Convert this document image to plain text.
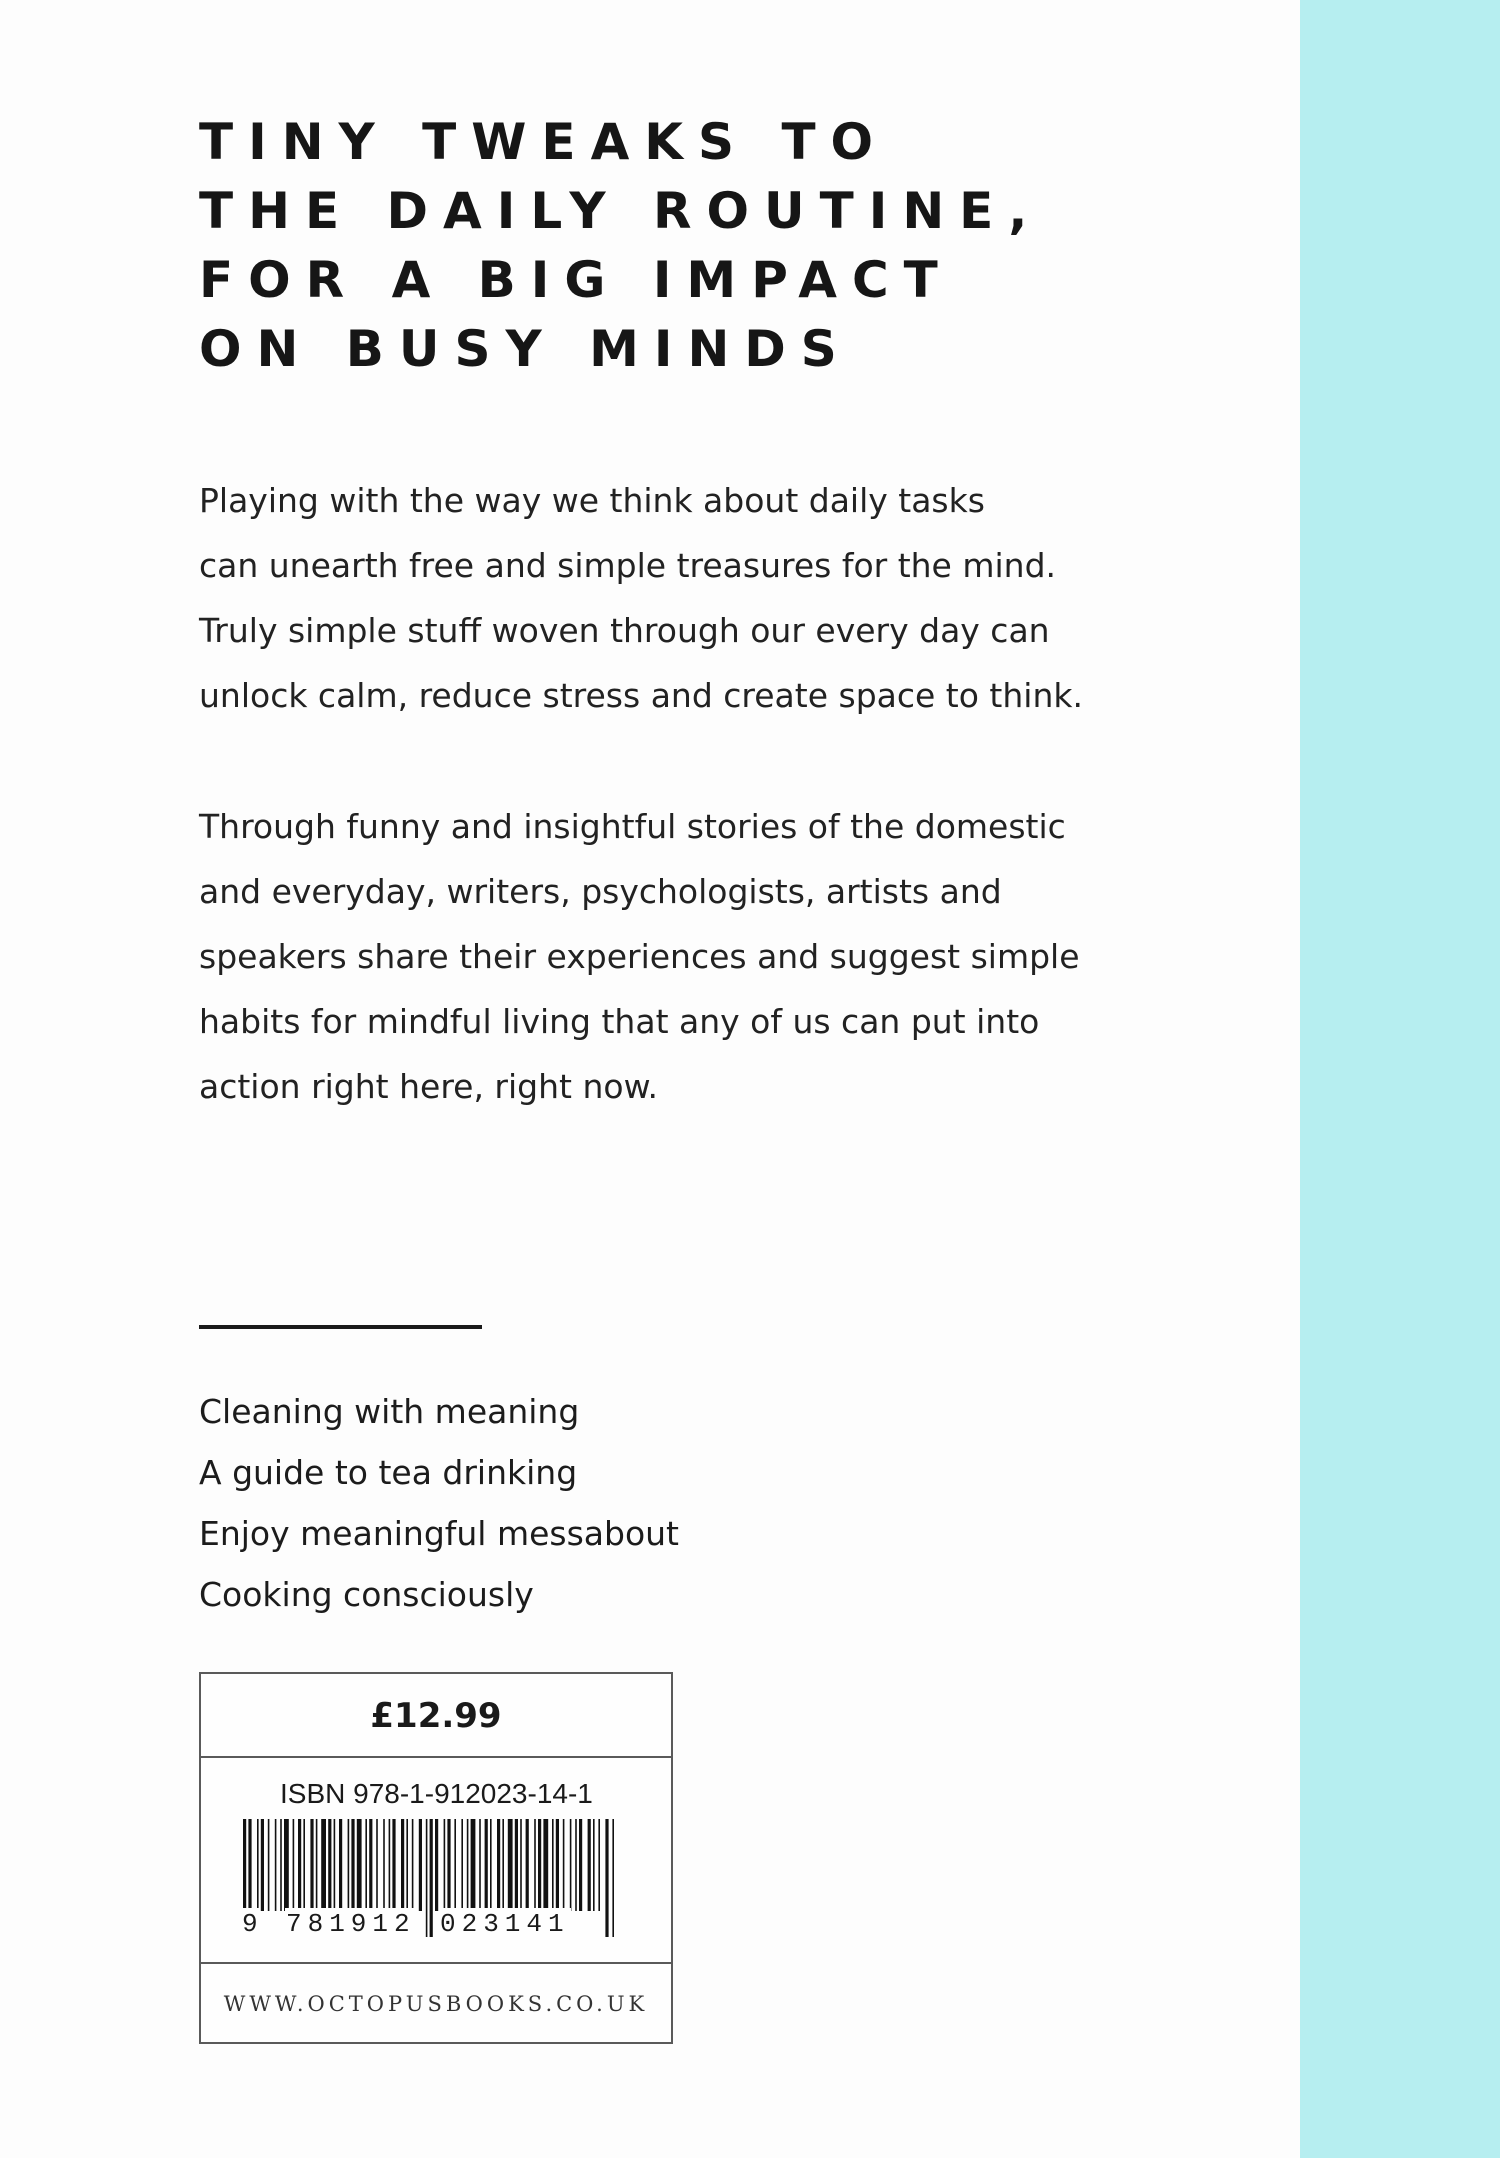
TINY TWEAKS TO
THE DAILY ROUTINE,
FOR A BIG IMPACT
ON BUSY MINDS

Playing with the way we think about daily tasks
can unearth free and simple treasures for the mind.
Truly simple stuff woven through our every day can
unlock calm, reduce stress and create space to think.

Through funny and insightful stories of the domestic
and everyday, writers, psychologists, artists and
speakers share their experiences and suggest simple
habits for mindful living that any of us can put into
action right here, right now.

Cleaning with meaning
A guide to tea drinking
Enjoy meaningful messabout
Cooking consciously
£12.99
ISBN 978-1-912023-14-1
9 781912 023141
WWW.OCTOPUSBOOKS.CO.UK
